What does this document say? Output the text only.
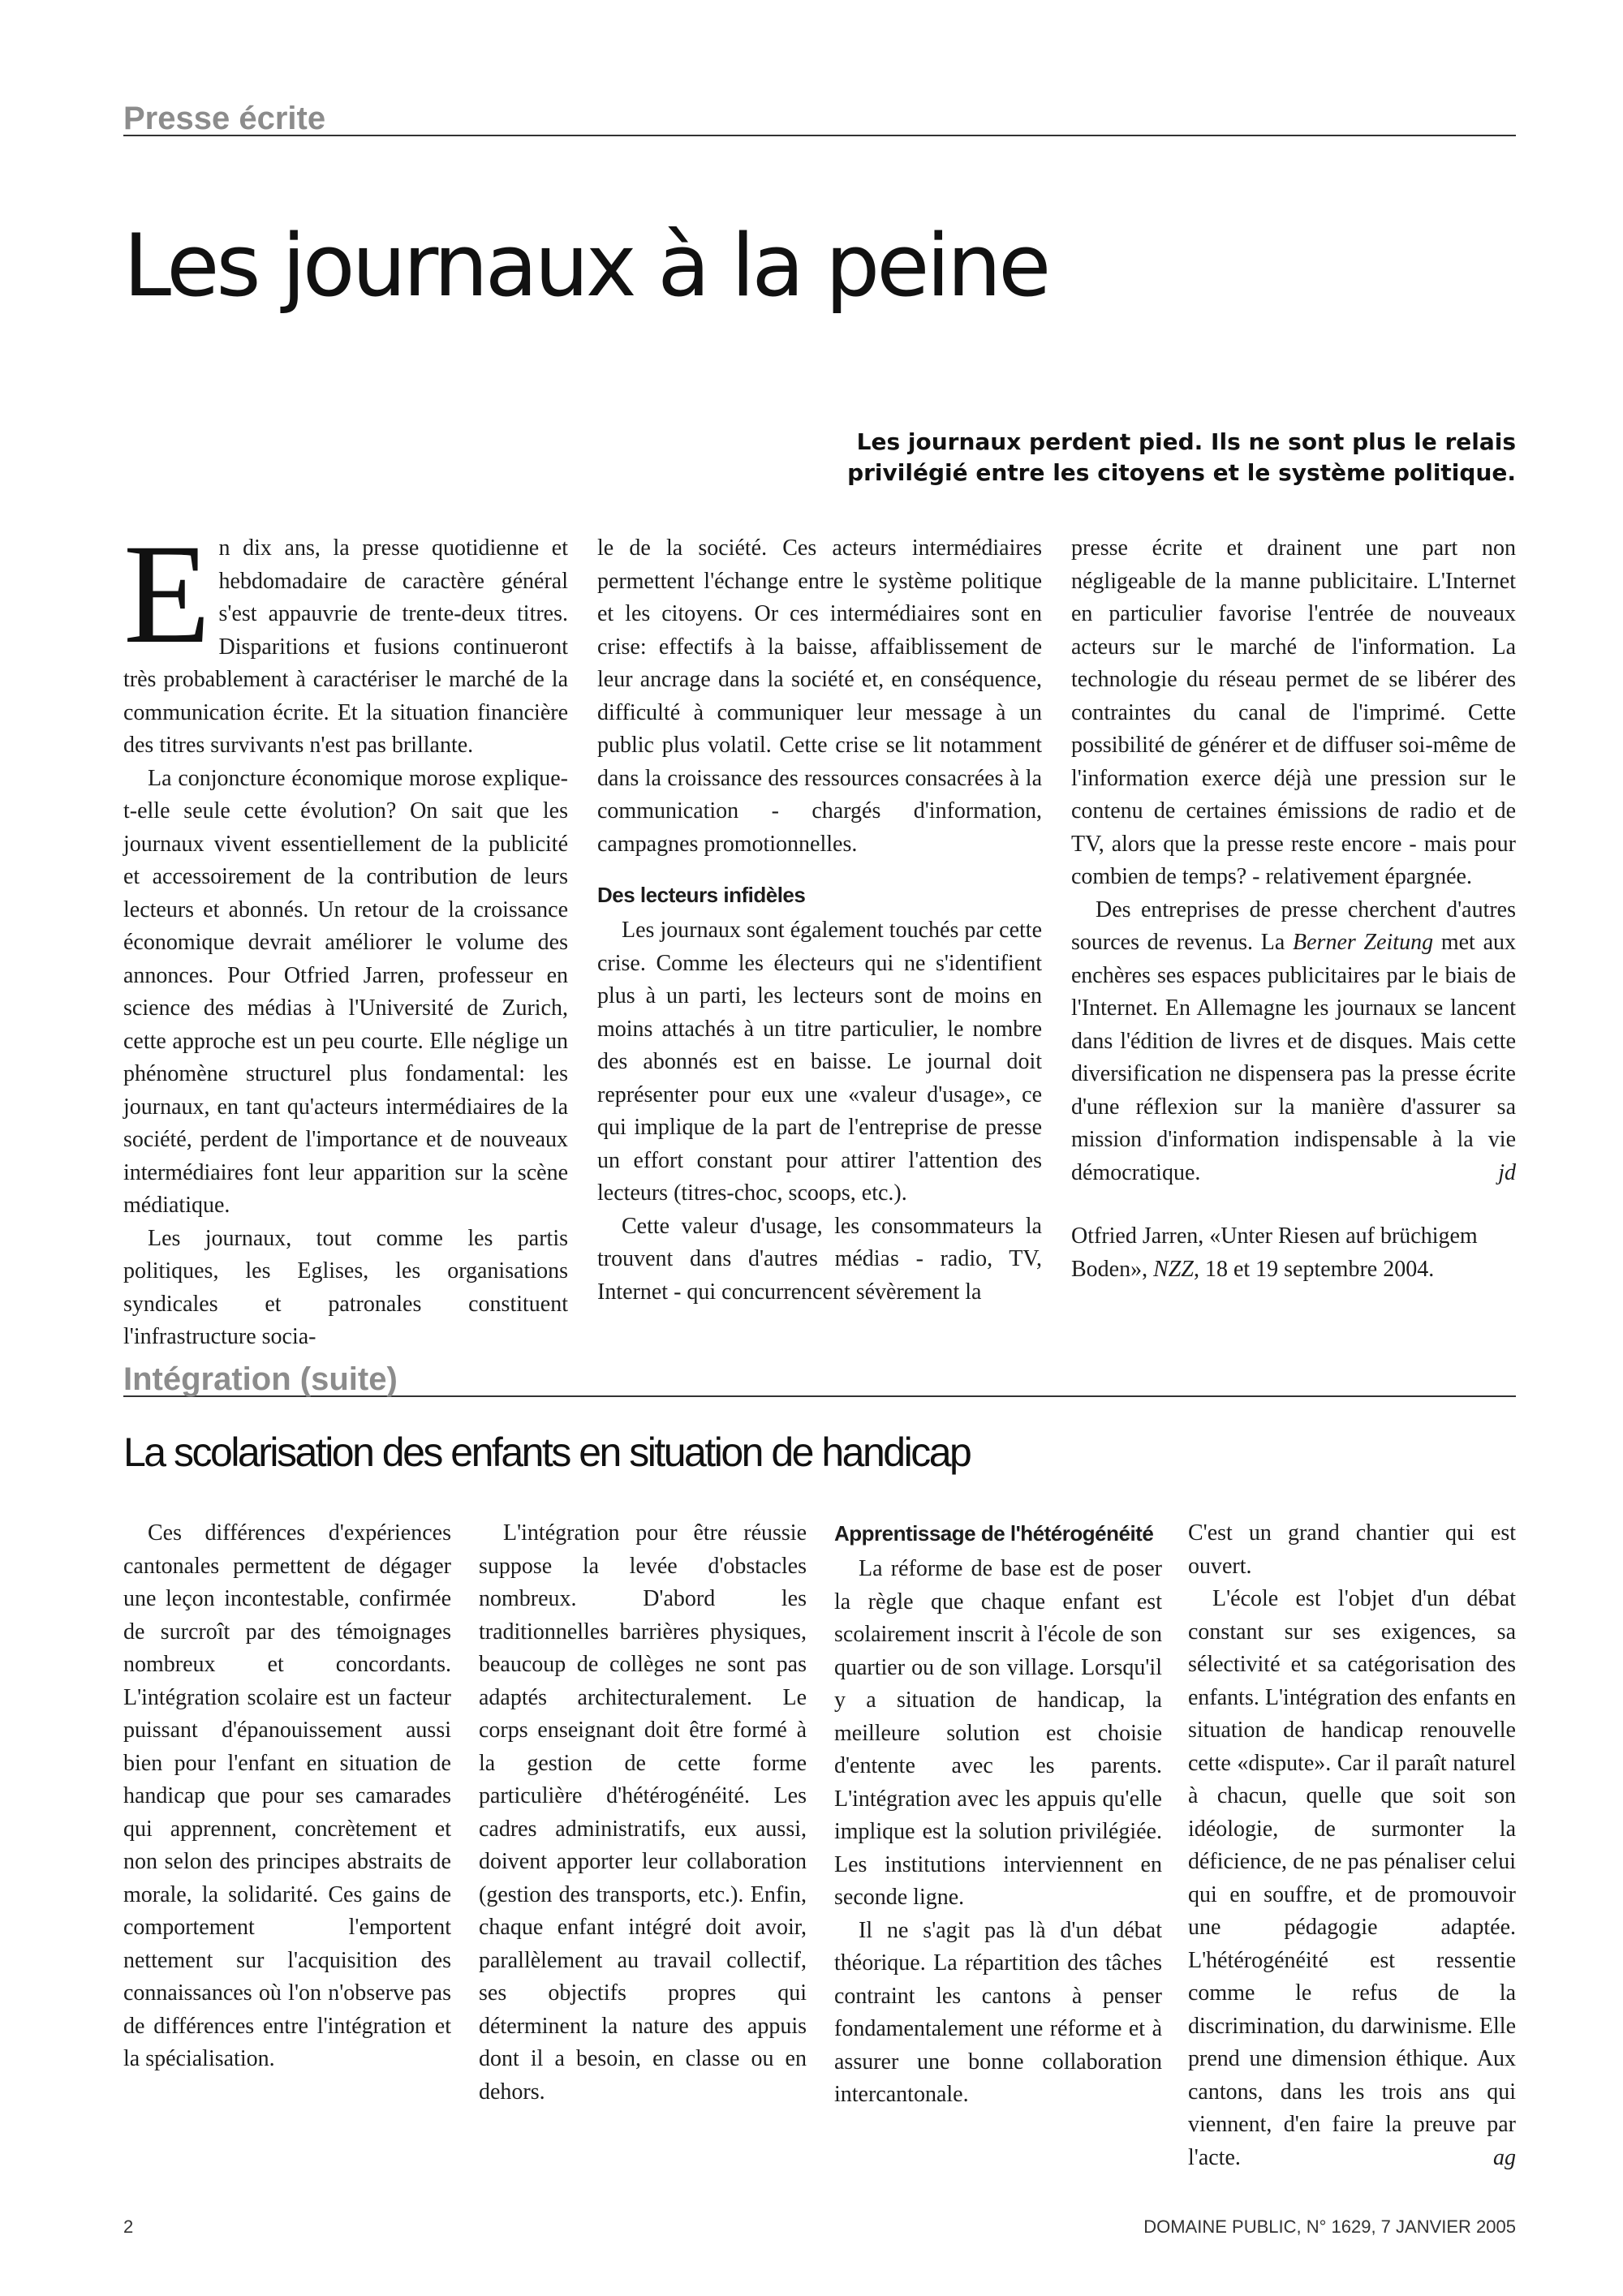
Presse écrite
Les journaux à la peine
Les journaux perdent pied. Ils ne sont plus le relais
privilégié entre les citoyens et le système politique.

En dix ans, la presse quotidienne et hebdomadaire de caractère général s'est appauvrie de trente-deux titres. Disparitions et fusions continueront très probablement à caractériser le marché de la communication écrite. Et la situation financière des titres survivants n'est pas brillante.

La conjoncture économique morose explique-t-elle seule cette évolution? On sait que les journaux vivent essentiellement de la publicité et accessoirement de la contribution de leurs lecteurs et abonnés. Un retour de la croissance économique devrait améliorer le volume des annonces. Pour Otfried Jarren, professeur en science des médias à l'Université de Zurich, cette approche est un peu courte. Elle néglige un phénomène structurel plus fondamental: les journaux, en tant qu'acteurs intermédiaires de la société, perdent de l'importance et de nouveaux intermédiaires font leur apparition sur la scène médiatique.

Les journaux, tout comme les partis politiques, les Eglises, les organisations syndicales et patronales constituent l'infrastructure socia-

le de la société. Ces acteurs intermédiaires permettent l'échange entre le système politique et les citoyens. Or ces intermédiaires sont en crise: effectifs à la baisse, affaiblissement de leur ancrage dans la société et, en conséquence, difficulté à communiquer leur message à un public plus volatil. Cette crise se lit notamment dans la croissance des ressources consacrées à la communication - chargés d'information, campagnes promotionnelles.

Des lecteurs infidèles

Les journaux sont également touchés par cette crise. Comme les électeurs qui ne s'identifient plus à un parti, les lecteurs sont de moins en moins attachés à un titre particulier, le nombre des abonnés est en baisse. Le journal doit représenter pour eux une «valeur d'usage», ce qui implique de la part de l'entreprise de presse un effort constant pour attirer l'attention des lecteurs (titres-choc, scoops, etc.).

Cette valeur d'usage, les consommateurs la trouvent dans d'autres médias - radio, TV, Internet - qui concurrencent sévèrement la

presse écrite et drainent une part non négligeable de la manne publicitaire. L'Internet en particulier favorise l'entrée de nouveaux acteurs sur le marché de l'information. La technologie du réseau permet de se libérer des contraintes du canal de l'imprimé. Cette possibilité de générer et de diffuser soi-même de l'information exerce déjà une pression sur le contenu de certaines émissions de radio et de TV, alors que la presse reste encore - mais pour combien de temps? - relativement épargnée.

Des entreprises de presse cherchent d'autres sources de revenus. La Berner Zeitung met aux enchères ses espaces publicitaires par le biais de l'Internet. En Allemagne les journaux se lancent dans l'édition de livres et de disques. Mais cette diversification ne dispensera pas la presse écrite d'une réflexion sur la manière d'assurer sa mission d'information indispensable à la vie démocratique.	jd

Otfried Jarren, «Unter Riesen auf brüchigem Boden», NZZ, 18 et 19 septembre 2004.

Intégration (suite)
La scolarisation des enfants en situation de handicap

Ces différences d'expériences cantonales permettent de dégager une leçon incontestable, confirmée de surcroît par des témoignages nombreux et concordants. L'intégration scolaire est un facteur puissant d'épanouissement aussi bien pour l'enfant en situation de handicap que pour ses camarades qui apprennent, concrètement et non selon des principes abstraits de morale, la solidarité. Ces gains de comportement l'emportent nettement sur l'acquisition des connaissances où l'on n'observe pas de différences entre l'intégration et la spécialisation.

L'intégration pour être réussie suppose la levée d'obstacles nombreux. D'abord les traditionnelles barrières physiques, beaucoup de collèges ne sont pas adaptés architecturalement. Le corps enseignant doit être formé à la gestion de cette forme particulière d'hétérogénéité. Les cadres administratifs, eux aussi, doivent apporter leur collaboration (gestion des transports, etc.). Enfin, chaque enfant intégré doit avoir, parallèlement au travail collectif, ses objectifs propres qui déterminent la nature des appuis dont il a besoin, en classe ou en dehors.

Apprentissage de l'hétérogénéité

La réforme de base est de poser la règle que chaque enfant est scolairement inscrit à l'école de son quartier ou de son village. Lorsqu'il y a situation de handicap, la meilleure solution est choisie d'entente avec les parents. L'intégration avec les appuis qu'elle implique est la solution privilégiée. Les institutions interviennent en seconde ligne.

Il ne s'agit pas là d'un débat théorique. La répartition des tâches contraint les cantons à penser fondamentalement une réforme et à assurer une bonne collaboration intercantonale.

C'est un grand chantier qui est ouvert.

L'école est l'objet d'un débat constant sur ses exigences, sa sélectivité et sa catégorisation des enfants. L'intégration des enfants en situation de handicap renouvelle cette «dispute». Car il paraît naturel à chacun, quelle que soit son idéologie, de surmonter la déficience, de ne pas pénaliser celui qui en souffre, et de promouvoir une pédagogie adaptée. L'hétérogénéité est ressentie comme le refus de la discrimination, du darwinisme. Elle prend une dimension éthique. Aux cantons, dans les trois ans qui viennent, d'en faire la preuve par l'acte.	ag

2	DOMAINE PUBLIC, N° 1629, 7 JANVIER 2005
